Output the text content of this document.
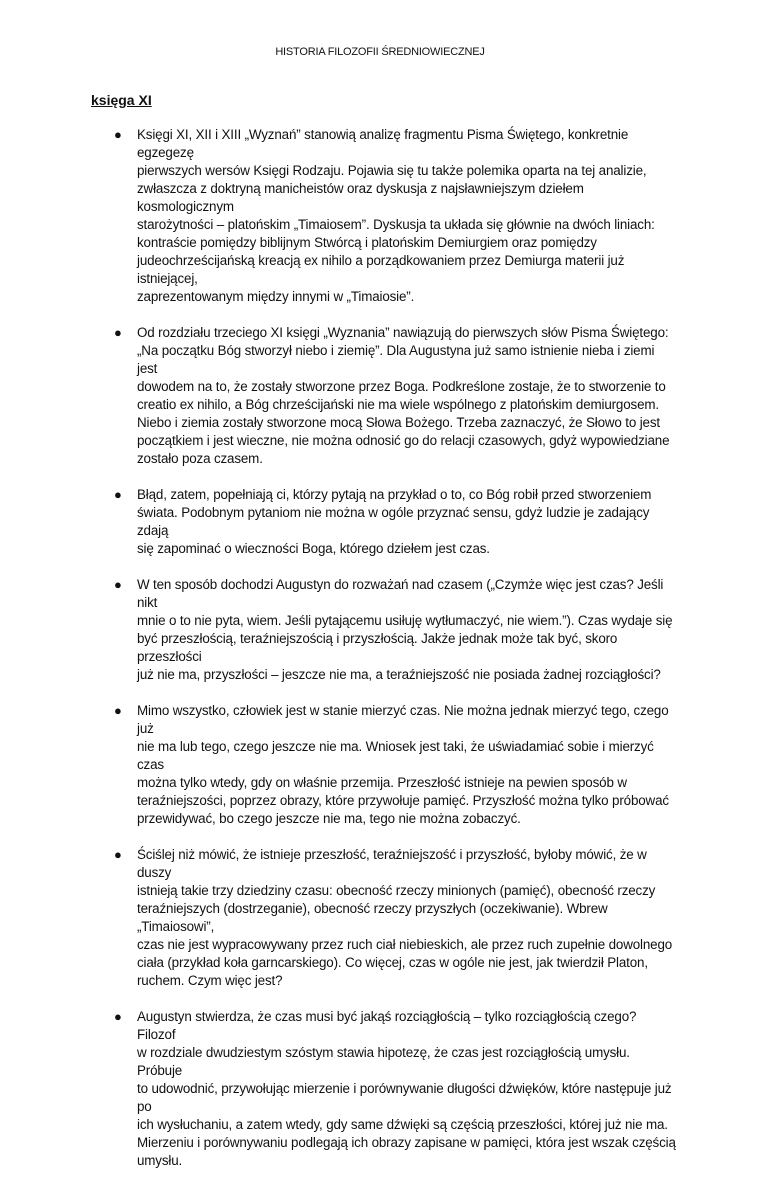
HISTORIA FILOZOFII ŚREDNIOWIECZNEJ
księga XI
● Księgi XI, XII i XIII „Wyznań” stanowią analizę fragmentu Pisma Świętego, konkretnie egzegezę
pierwszych wersów Księgi Rodzaju. Pojawia się tu także polemika oparta na tej analizie,
zwłaszcza z doktryną manicheistów oraz dyskusja z najsławniejszym dziełem kosmologicznym
starożytności – platońskim „Timaiosem”. Dyskusja ta układa się głównie na dwóch liniach:
kontraście pomiędzy biblijnym Stwórcą i platońskim Demiurgiem oraz pomiędzy
judeochrześcijańską kreacją ex nihilo a porządkowaniem przez Demiurga materii już istniejącej,
zaprezentowanym między innymi w „Timaiosie”.
● Od rozdziału trzeciego XI księgi „Wyznania” nawiązują do pierwszych słów Pisma Świętego:
„Na początku Bóg stworzył niebo i ziemię”. Dla Augustyna już samo istnienie nieba i ziemi jest
dowodem na to, że zostały stworzone przez Boga. Podkreślone zostaje, że to stworzenie to
creatio ex nihilo, a Bóg chrześcijański nie ma wiele wspólnego z platońskim demiurgosem.
Niebo i ziemia zostały stworzone mocą Słowa Bożego. Trzeba zaznaczyć, że Słowo to jest
początkiem i jest wieczne, nie można odnosić go do relacji czasowych, gdyż wypowiedziane
zostało poza czasem.
● Błąd, zatem, popełniają ci, którzy pytają na przykład o to, co Bóg robił przed stworzeniem
świata. Podobnym pytaniom nie można w ogóle przyznać sensu, gdyż ludzie je zadający zdają
się zapominać o wieczności Boga, którego dziełem jest czas.
● W ten sposób dochodzi Augustyn do rozważań nad czasem („Czymże więc jest czas? Jeśli nikt
mnie o to nie pyta, wiem. Jeśli pytającemu usiłuję wytłumaczyć, nie wiem.”). Czas wydaje się
być przeszłością, teraźniejszością i przyszłością. Jakże jednak może tak być, skoro przeszłości
już nie ma, przyszłości – jeszcze nie ma, a teraźniejszość nie posiada żadnej rozciągłości?
● Mimo wszystko, człowiek jest w stanie mierzyć czas. Nie można jednak mierzyć tego, czego już
nie ma lub tego, czego jeszcze nie ma. Wniosek jest taki, że uświadamiać sobie i mierzyć czas
można tylko wtedy, gdy on właśnie przemija. Przeszłość istnieje na pewien sposób w
teraźniejszości, poprzez obrazy, które przywołuje pamięć. Przyszłość można tylko próbować
przewidywać, bo czego jeszcze nie ma, tego nie można zobaczyć.
● Ściślej niż mówić, że istnieje przeszłość, teraźniejszość i przyszłość, byłoby mówić, że w duszy
istnieją takie trzy dziedziny czasu: obecność rzeczy minionych (pamięć), obecność rzeczy
teraźniejszych (dostrzeganie), obecność rzeczy przyszłych (oczekiwanie). Wbrew „Timaiosowi”,
czas nie jest wypracowywany przez ruch ciał niebieskich, ale przez ruch zupełnie dowolnego
ciała (przykład koła garncarskiego). Co więcej, czas w ogóle nie jest, jak twierdził Platon,
ruchem. Czym więc jest?
● Augustyn stwierdza, że czas musi być jakąś rozciągłością – tylko rozciągłością czego? Filozof
w rozdziale dwudziestym szóstym stawia hipotezę, że czas jest rozciągłością umysłu. Próbuje
to udowodnić, przywołując mierzenie i porównywanie długości dźwięków, które następuje już po
ich wysłuchaniu, a zatem wtedy, gdy same dźwięki są częścią przeszłości, której już nie ma.
Mierzeniu i porównywaniu podlegają ich obrazy zapisane w pamięci, która jest wszak częścią
umysłu.
